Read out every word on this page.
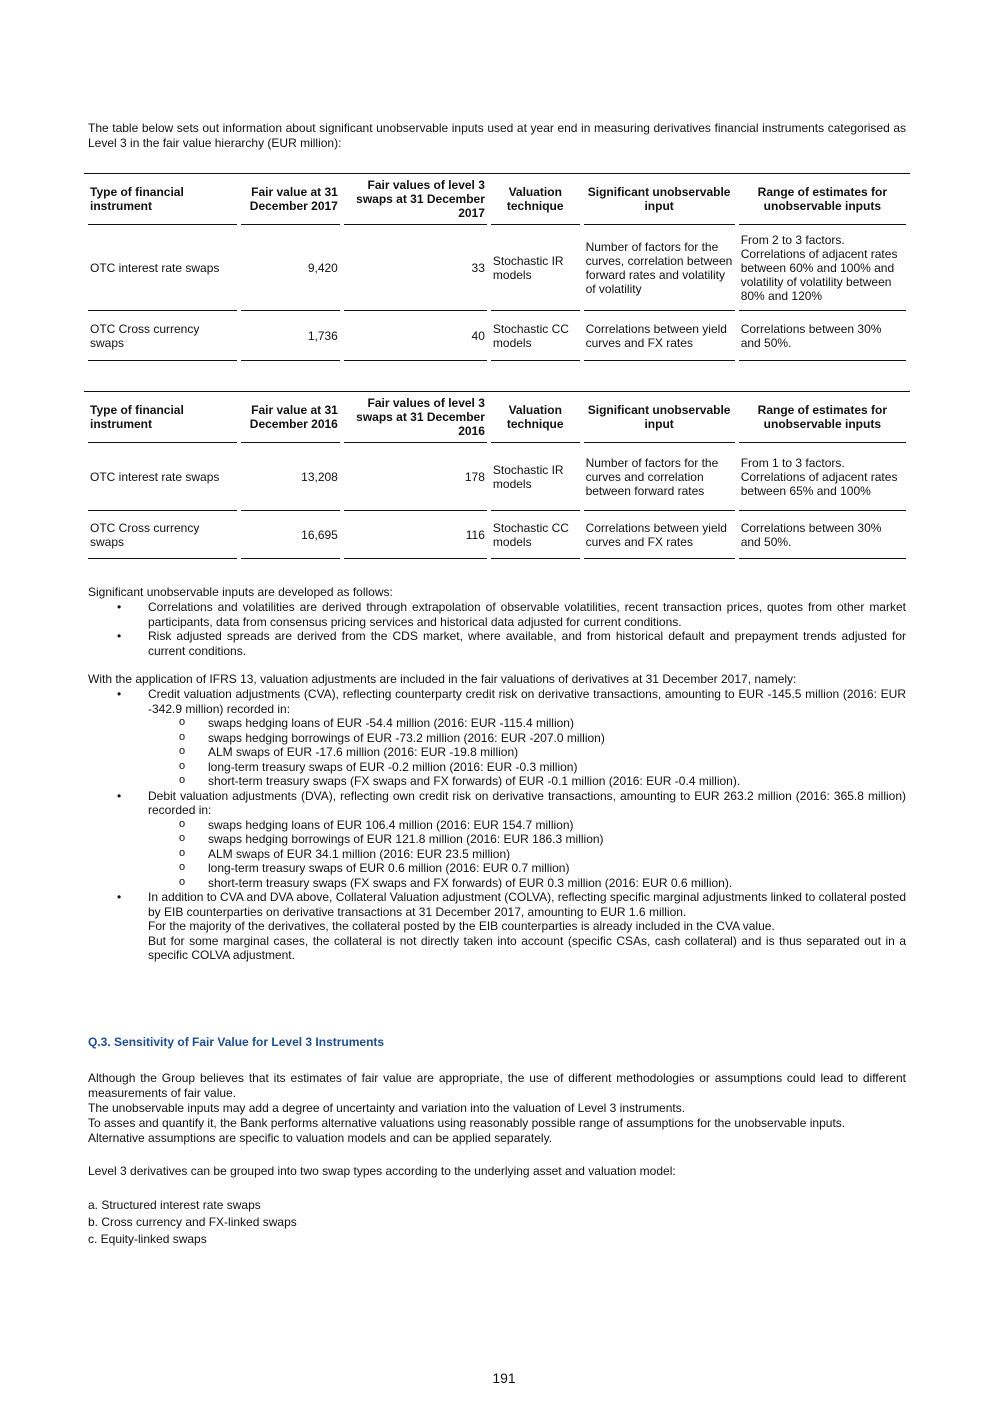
The table below sets out information about significant unobservable inputs used at year end in measuring derivatives financial instruments categorised as Level 3 in the fair value hierarchy (EUR million):

Type of financial instrument	Fair value at 31 December 2017	Fair values of level 3 swaps at 31 December 2017	Valuation technique	Significant unobservable input	Range of estimates for unobservable inputs
OTC interest rate swaps	9,420	33	Stochastic IR models	Number of factors for the curves, correlation between forward rates and volatility of volatility	From 2 to 3 factors. Correlations of adjacent rates between 60% and 100% and volatility of volatility between 80% and 120%
OTC Cross currency swaps	1,736	40	Stochastic CC models	Correlations between yield curves and FX rates	Correlations between 30% and 50%.
Type of financial instrument	Fair value at 31 December 2016	Fair values of level 3 swaps at 31 December 2016	Valuation technique	Significant unobservable input	Range of estimates for unobservable inputs
OTC interest rate swaps	13,208	178	Stochastic IR models	Number of factors for the curves and correlation between forward rates	From 1 to 3 factors. Correlations of adjacent rates between 65% and 100%
OTC Cross currency swaps	16,695	116	Stochastic CC models	Correlations between yield curves and FX rates	Correlations between 30% and 50%.

Significant unobservable inputs are developed as follows:

• Correlations and volatilities are derived through extrapolation of observable volatilities, recent transaction prices, quotes from other market participants, data from consensus pricing services and historical data adjusted for current conditions.
• Risk adjusted spreads are derived from the CDS market, where available, and from historical default and prepayment trends adjusted for current conditions.

With the application of IFRS 13, valuation adjustments are included in the fair valuations of derivatives at 31 December 2017, namely:

• Credit valuation adjustments (CVA), reflecting counterparty credit risk on derivative transactions, amounting to EUR -145.5 million (2016: EUR -342.9 million) recorded in:
o swaps hedging loans of EUR -54.4 million (2016: EUR -115.4 million)
o swaps hedging borrowings of EUR -73.2 million (2016: EUR -207.0 million)
o ALM swaps of EUR -17.6 million (2016: EUR -19.8 million)
o long-term treasury swaps of EUR -0.2 million (2016: EUR -0.3 million)
o short-term treasury swaps (FX swaps and FX forwards) of EUR -0.1 million (2016: EUR -0.4 million).
• Debit valuation adjustments (DVA), reflecting own credit risk on derivative transactions, amounting to EUR 263.2 million (2016: 365.8 million) recorded in:
o swaps hedging loans of EUR 106.4 million (2016: EUR 154.7 million)
o swaps hedging borrowings of EUR 121.8 million (2016: EUR 186.3 million)
o ALM swaps of EUR 34.1 million (2016: EUR 23.5 million)
o long-term treasury swaps of EUR 0.6 million (2016: EUR 0.7 million)
o short-term treasury swaps (FX swaps and FX forwards) of EUR 0.3 million (2016: EUR 0.6 million).
• In addition to CVA and DVA above, Collateral Valuation adjustment (COLVA), reflecting specific marginal adjustments linked to collateral posted by EIB counterparties on derivative transactions at 31 December 2017, amounting to EUR 1.6 million.
For the majority of the derivatives, the collateral posted by the EIB counterparties is already included in the CVA value.
But for some marginal cases, the collateral is not directly taken into account (specific CSAs, cash collateral) and is thus separated out in a specific COLVA adjustment.
Q.3. Sensitivity of Fair Value for Level 3 Instruments

Although the Group believes that its estimates of fair value are appropriate, the use of different methodologies or assumptions could lead to different measurements of fair value.

The unobservable inputs may add a degree of uncertainty and variation into the valuation of Level 3 instruments.

To asses and quantify it, the Bank performs alternative valuations using reasonably possible range of assumptions for the unobservable inputs.

Alternative assumptions are specific to valuation models and can be applied separately.

Level 3 derivatives can be grouped into two swap types according to the underlying asset and valuation model:

a. Structured interest rate swaps
b. Cross currency and FX-linked swaps
c. Equity-linked swaps
191
